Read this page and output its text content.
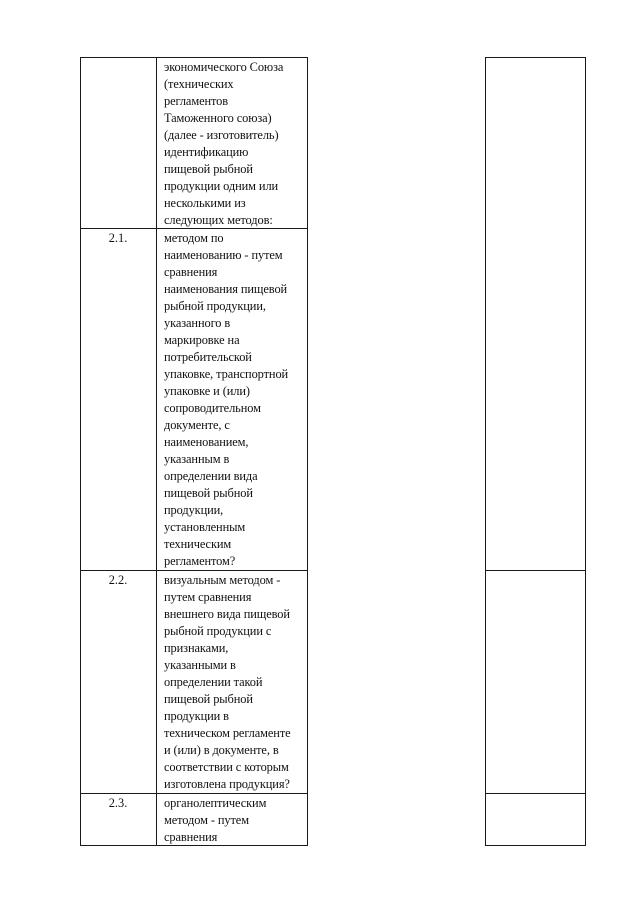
экономического Союза
(технических
регламентов
Таможенного союза)
(далее - изготовитель)
идентификацию
пищевой рыбной
продукции одним или
несколькими из
следующих методов:
2.1.	методом по
наименованию - путем
сравнения
наименования пищевой
рыбной продукции,
указанного в
маркировке на
потребительской
упаковке, транспортной
упаковке и (или)
сопроводительном
документе, с
наименованием,
указанным в
определении вида
пищевой рыбной
продукции,
установленным
техническим
регламентом?
2.2.	визуальным методом -
путем сравнения
внешнего вида пищевой
рыбной продукции с
признаками,
указанными в
определении такой
пищевой рыбной
продукции в
техническом регламенте
и (или) в документе, в
соответствии с которым
изготовлена продукция?
2.3.	органолептическим
методом - путем
сравнения
